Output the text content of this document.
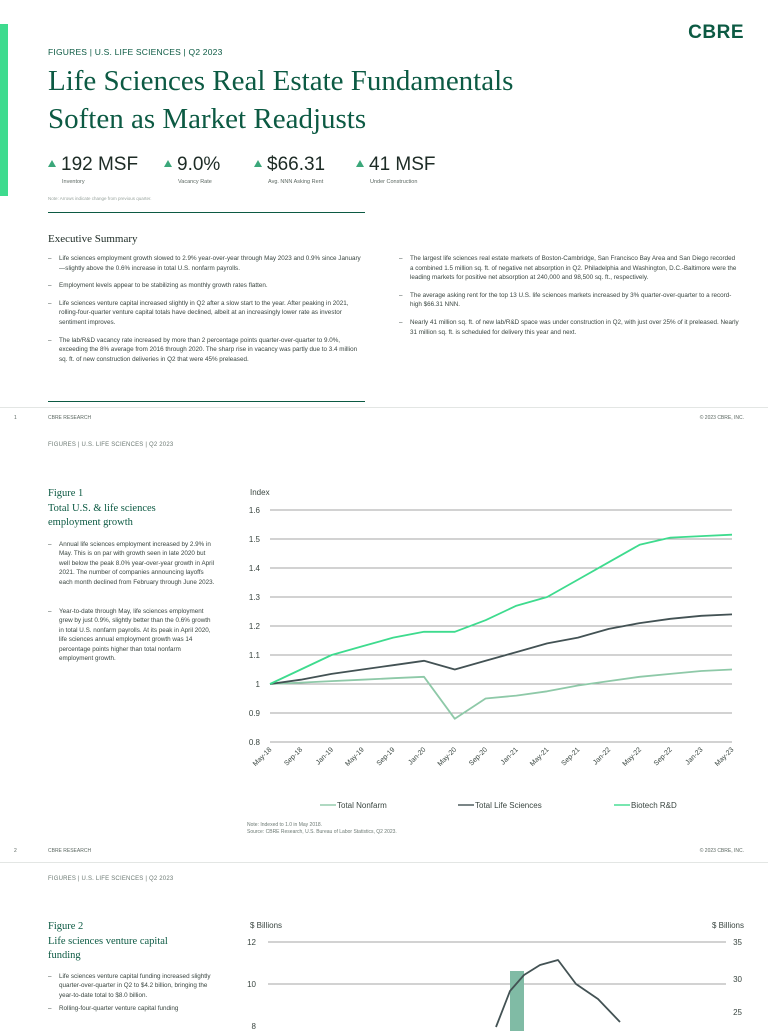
CBRE
FIGURES | U.S. LIFE SCIENCES | Q2 2023
Life Sciences Real Estate Fundamentals
Soften as Market Readjusts
192 MSF
Inventory
9.0%
Vacancy Rate
$66.31
Avg. NNN Asking Rent
41 MSF
Under Construction
Note: Arrows indicate change from previous quarter.
Executive Summary
– Life sciences employment growth slowed to 2.9% year-over-year through May 2023 and 0.9% since January—slightly above the 0.6% increase in total U.S. nonfarm payrolls.
– Employment levels appear to be stabilizing as monthly growth rates flatten.
– Life sciences venture capital increased slightly in Q2 after a slow start to the year. After peaking in 2021, rolling-four-quarter venture capital totals have declined, albeit at an increasingly lower rate as investor sentiment improves.
– The lab/R&D vacancy rate increased by more than 2 percentage points quarter-over-quarter to 9.0%, exceeding the 8% average from 2016 through 2020. The sharp rise in vacancy was partly due to 3.4 million sq. ft. of new construction deliveries in Q2 that were 45% preleased.
– The largest life sciences real estate markets of Boston-Cambridge, San Francisco Bay Area and San Diego recorded a combined 1.5 million sq. ft. of negative net absorption in Q2. Philadelphia and Washington, D.C.-Baltimore were the leading markets for positive net absorption at 240,000 and 98,500 sq. ft., respectively.
– The average asking rent for the top 13 U.S. life sciences markets increased by 3% quarter-over-quarter to a record-high $66.31 NNN.
– Nearly 41 million sq. ft. of new lab/R&D space was under construction in Q2, with just over 25% of it preleased. Nearly 31 million sq. ft. is scheduled for delivery this year and next.
1	CBRE RESEARCH	© 2023 CBRE, INC.
FIGURES | U.S. LIFE SCIENCES | Q2 2023
Figure 1
Total U.S. & life sciences employment growth
– Annual life sciences employment increased by 2.9% in May. This is on par with growth seen in late 2020 but well below the peak 8.0% year-over-year growth in April 2021. The number of companies announcing layoffs each month declined from February through June 2023.
– Year-to-date through May, life sciences employment grew by just 0.9%, slightly better than the 0.6% growth in total U.S. nonfarm payrolls. At its peak in April 2020, life sciences annual employment growth was 14 percentage points higher than total nonfarm employment growth.
Index
1.6
1.5
1.4
1.3
1.2
1.1
1
0.9
0.8
May-18 Sep-18 Jan-19 May-19 Sep-19 Jan-20 May-20 Sep-20 Jan-21 May-21 Sep-21 Jan-22 May-22 Sep-22 Jan-23 May-23
Total Nonfarm	Total Life Sciences	Biotech R&D
Note: Indexed to 1.0 in May 2018.
2	CBRE RESEARCH	© 2023 CBRE, INC.
FIGURES | U.S. LIFE SCIENCES | Q2 2023
Figure 2
Life sciences venture capital funding
– Life sciences venture capital funding increased slightly quarter-over-quarter in Q2 to $4.2 billion, bringing the year-to-date total to $8.0 billion.
– Rolling-four-quarter venture capital funding
$ Billions	$ Billions
12
10
8
35
30
25
Source: CBRE Research, U.S. Bureau of Labor Statistics, Q2 2023.
